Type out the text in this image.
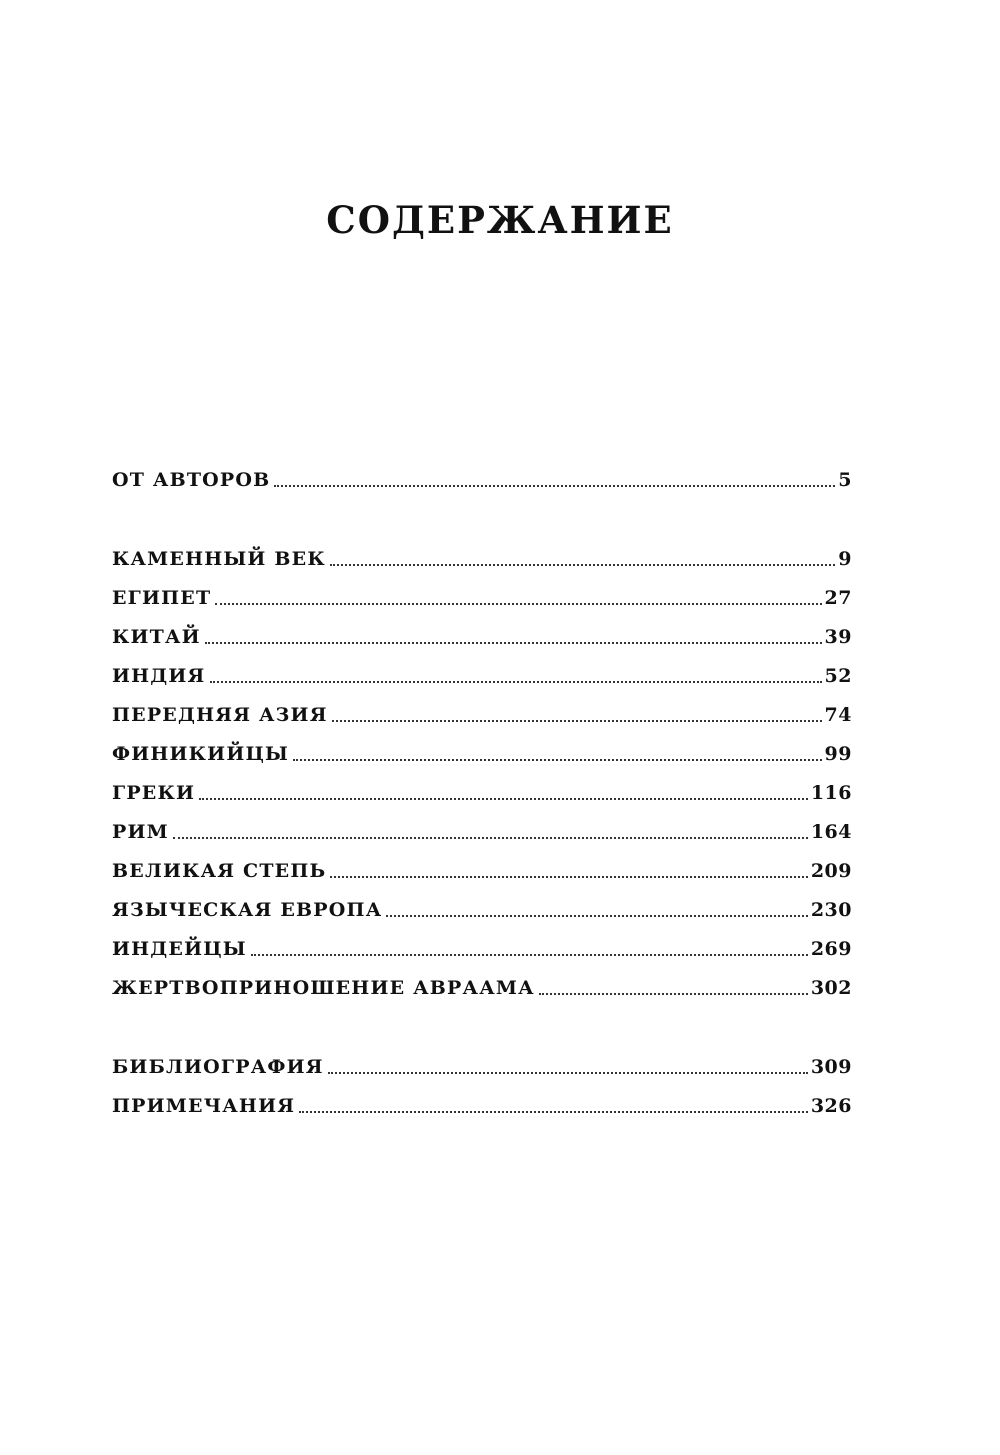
СОДЕРЖАНИЕ
ОТ АВТОРОВ	5
КАМЕННЫЙ ВЕК	9
ЕГИПЕТ	27
КИТАЙ	39
ИНДИЯ	52
ПЕРЕДНЯЯ АЗИЯ	74
ФИНИКИЙЦЫ	99
ГРЕКИ	116
РИМ	164
ВЕЛИКАЯ СТЕПЬ	209
ЯЗЫЧЕСКАЯ ЕВРОПА	230
ИНДЕЙЦЫ	269
ЖЕРТВОПРИНОШЕНИЕ АВРААМА	302
БИБЛИОГРАФИЯ	309
ПРИМЕЧАНИЯ	326
